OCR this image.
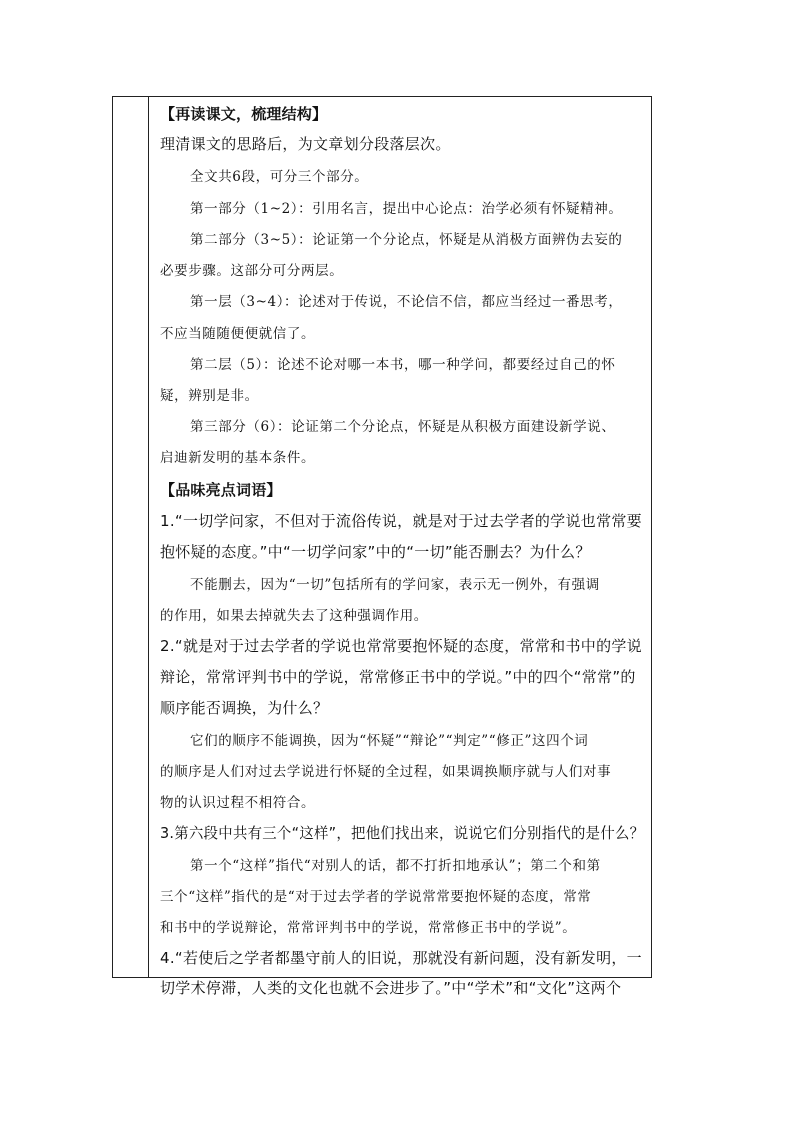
【再读课文，梳理结构】
理清课文的思路后，为文章划分段落层次。
全文共6段，可分三个部分。
第一部分（1~2）：引用名言，提出中心论点：治学必须有怀疑精神。
第二部分（3~5）：论证第一个分论点，怀疑是从消极方面辨伪去妄的
必要步骤。这部分可分两层。
第一层（3~4）：论述对于传说，不论信不信，都应当经过一番思考，
不应当随随便便就信了。
第二层（5）：论述不论对哪一本书，哪一种学问，都要经过自己的怀
疑，辨别是非。
第三部分（6）：论证第二个分论点，怀疑是从积极方面建设新学说、
启迪新发明的基本条件。
【品味亮点词语】
1.“一切学问家，不但对于流俗传说，就是对于过去学者的学说也常常要
抱怀疑的态度。”中“一切学问家”中的“一切”能否删去？为什么？
不能删去，因为“一切”包括所有的学问家，表示无一例外，有强调
的作用，如果去掉就失去了这种强调作用。
2.“就是对于过去学者的学说也常常要抱怀疑的态度，常常和书中的学说
辩论，常常评判书中的学说，常常修正书中的学说。”中的四个“常常”的
顺序能否调换，为什么？
它们的顺序不能调换，因为“怀疑”“辩论”“判定”“修正”这四个词
的顺序是人们对过去学说进行怀疑的全过程，如果调换顺序就与人们对事
物的认识过程不相符合。
3.第六段中共有三个“这样”，把他们找出来，说说它们分别指代的是什么？
第一个“这样”指代“对别人的话，都不打折扣地承认”；第二个和第
三个“这样”指代的是“对于过去学者的学说常常要抱怀疑的态度，常常
和书中的学说辩论，常常评判书中的学说，常常修正书中的学说”。
4.“若使后之学者都墨守前人的旧说，那就没有新问题，没有新发明，一
切学术停滞，人类的文化也就不会进步了。”中“学术”和“文化”这两个
